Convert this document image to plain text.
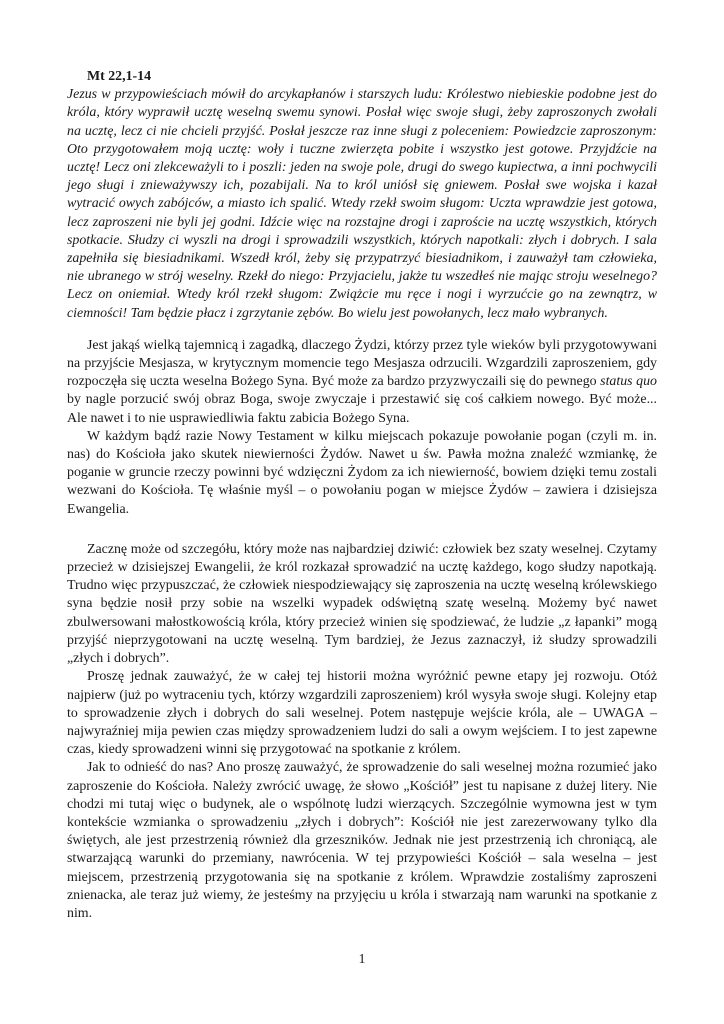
Mt 22,1-14

Jezus w przypowieściach mówił do arcykapłanów i starszych ludu: Królestwo niebieskie podobne jest do króla, który wyprawił ucztę weselną swemu synowi. Posłał więc swoje sługi, żeby zaproszonych zwołali na ucztę, lecz ci nie chcieli przyjść. Posłał jeszcze raz inne sługi z poleceniem: Powiedzcie zaproszonym: Oto przygotowałem moją ucztę: woły i tuczne zwierzęta pobite i wszystko jest gotowe. Przyjdźcie na ucztę! Lecz oni zlekceważyli to i poszli: jeden na swoje pole, drugi do swego kupiectwa, a inni pochwycili jego sługi i znieważywszy ich, pozabijali. Na to król uniósł się gniewem. Posłał swe wojska i kazał wytracić owych zabójców, a miasto ich spalić. Wtedy rzekł swoim sługom: Uczta wprawdzie jest gotowa, lecz zaproszeni nie byli jej godni. Idźcie więc na rozstajne drogi i zaproście na ucztę wszystkich, których spotkacie. Słudzy ci wyszli na drogi i sprowadzili wszystkich, których napotkali: złych i dobrych. I sala zapełniła się biesiadnikami. Wszedł król, żeby się przypatrzyć biesiadnikom, i zauważył tam człowieka, nie ubranego w strój weselny. Rzekł do niego: Przyjacielu, jakże tu wszedłeś nie mając stroju weselnego? Lecz on oniemiał. Wtedy król rzekł sługom: Zwiążcie mu ręce i nogi i wyrzućcie go na zewnątrz, w ciemności! Tam będzie płacz i zgrzytanie zębów. Bo wielu jest powołanych, lecz mało wybranych.

Jest jakąś wielką tajemnicą i zagadką, dlaczego Żydzi, którzy przez tyle wieków byli przygotowywani na przyjście Mesjasza, w krytycznym momencie tego Mesjasza odrzucili. Wzgardzili zaproszeniem, gdy rozpoczęła się uczta weselna Bożego Syna. Być może za bardzo przyzwyczaili się do pewnego status quo by nagle porzucić swój obraz Boga, swoje zwyczaje i przestawić się coś całkiem nowego. Być może... Ale nawet i to nie usprawiedliwia faktu zabicia Bożego Syna.

W każdym bądź razie Nowy Testament w kilku miejscach pokazuje powołanie pogan (czyli m. in. nas) do Kościoła jako skutek niewierności Żydów. Nawet u św. Pawła można znaleźć wzmiankę, że poganie w gruncie rzeczy powinni być wdzięczni Żydom za ich niewierność, bowiem dzięki temu zostali wezwani do Kościoła. Tę właśnie myśl – o powołaniu pogan w miejsce Żydów – zawiera i dzisiejsza Ewangelia.

Zacznę może od szczegółu, który może nas najbardziej dziwić: człowiek bez szaty weselnej. Czytamy przecież w dzisiejszej Ewangelii, że król rozkazał sprowadzić na ucztę każdego, kogo słudzy napotkają. Trudno więc przypuszczać, że człowiek niespodziewający się zaproszenia na ucztę weselną królewskiego syna będzie nosił przy sobie na wszelki wypadek odświętną szatę weselną. Możemy być nawet zbulwersowani małostkowością króla, który przecież winien się spodziewać, że ludzie „z łapanki” mogą przyjść nieprzygotowani na ucztę weselną. Tym bardziej, że Jezus zaznaczył, iż słudzy sprowadzili „złych i dobrych”.

Proszę jednak zauważyć, że w całej tej historii można wyróżnić pewne etapy jej rozwoju. Otóż najpierw (już po wytraceniu tych, którzy wzgardzili zaproszeniem) król wysyła swoje sługi. Kolejny etap to sprowadzenie złych i dobrych do sali weselnej. Potem następuje wejście króla, ale – UWAGA – najwyraźniej mija pewien czas między sprowadzeniem ludzi do sali a owym wejściem. I to jest zapewne czas, kiedy sprowadzeni winni się przygotować na spotkanie z królem.

Jak to odnieść do nas? Ano proszę zauważyć, że sprowadzenie do sali weselnej można rozumieć jako zaproszenie do Kościoła. Należy zwrócić uwagę, że słowo „Kościół” jest tu napisane z dużej litery. Nie chodzi mi tutaj więc o budynek, ale o wspólnotę ludzi wierzących. Szczególnie wymowna jest w tym kontekście wzmianka o sprowadzeniu „złych i dobrych”: Kościół nie jest zarezerwowany tylko dla świętych, ale jest przestrzenią również dla grzeszników. Jednak nie jest przestrzenią ich chroniącą, ale stwarzającą warunki do przemiany, nawrócenia. W tej przypowieści Kościół – sala weselna – jest miejscem, przestrzenią przygotowania się na spotkanie z królem. Wprawdzie zostaliśmy zaproszeni znienacka, ale teraz już wiemy, że jesteśmy na przyjęciu u króla i stwarzają nam warunki na spotkanie z nim.

1
